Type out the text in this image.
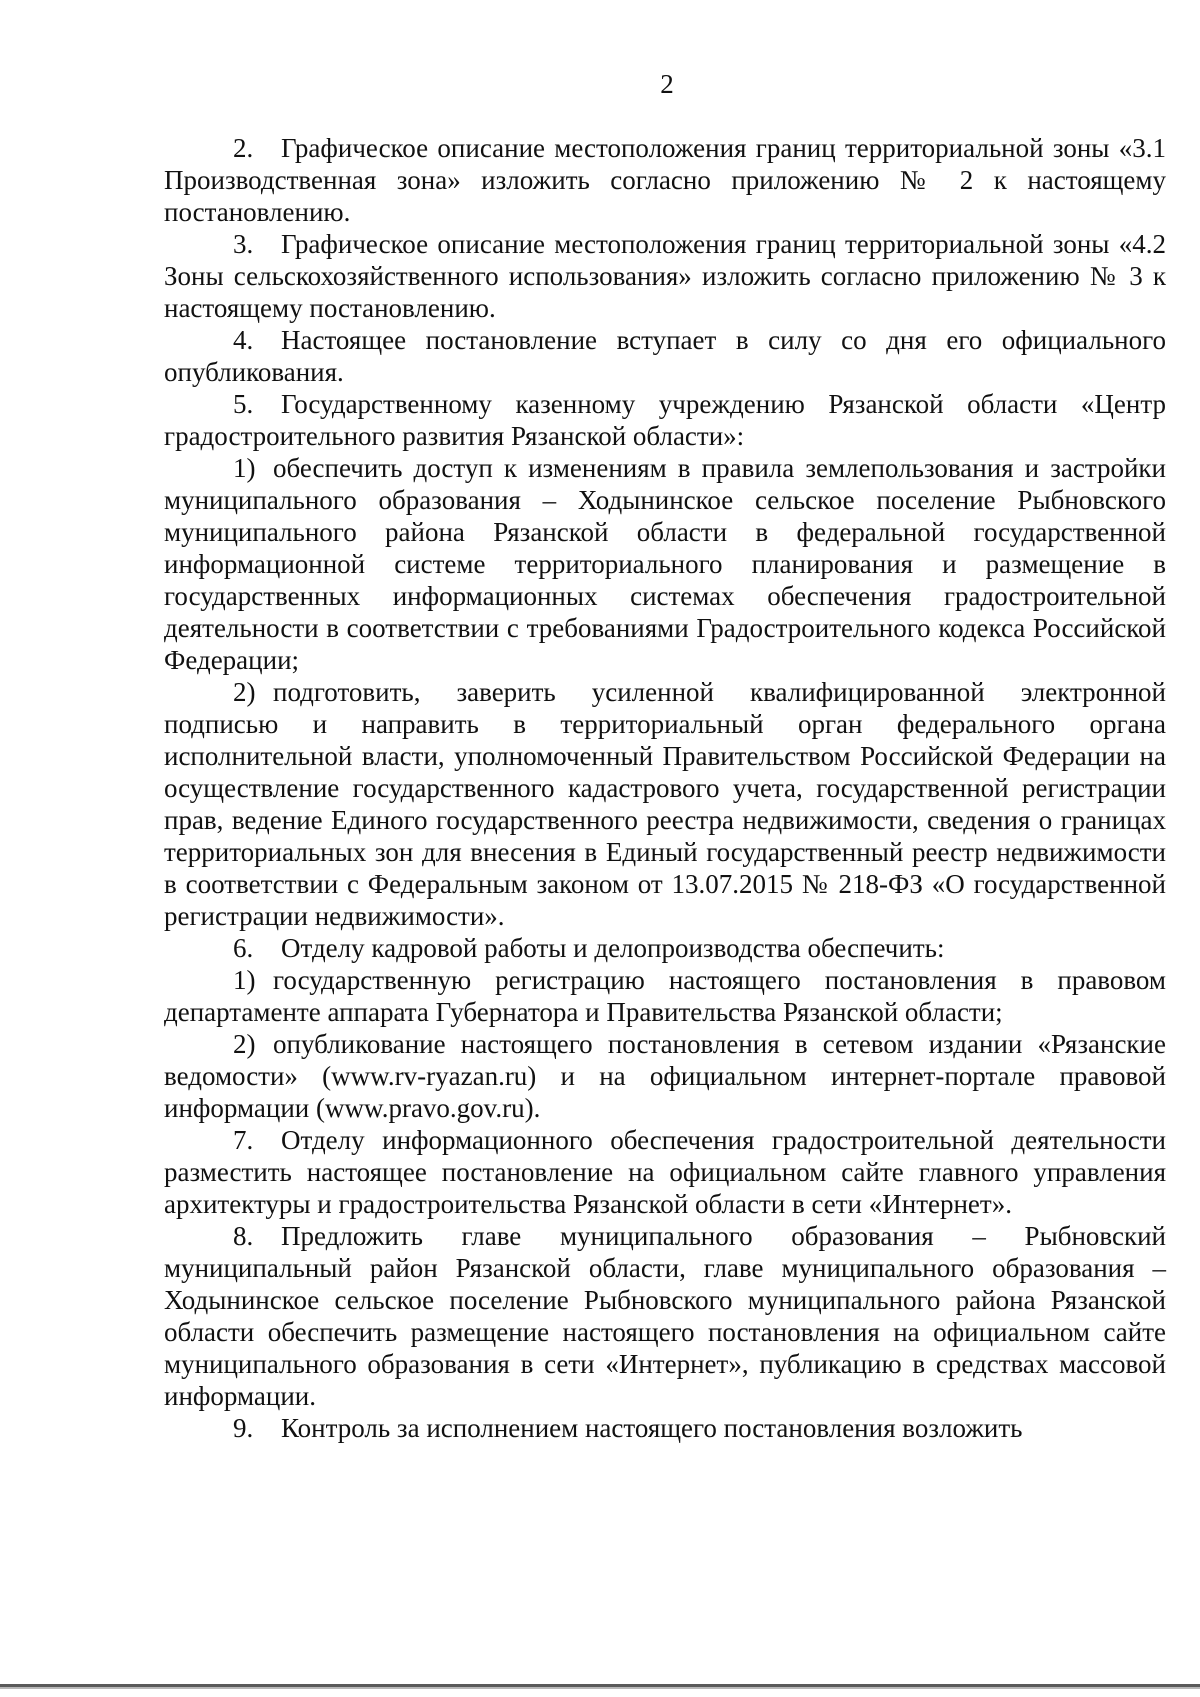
2

2. Графическое описание местоположения границ территориальной зоны «3.1 Производственная зона» изложить согласно приложению № 2 к настоящему постановлению.

3. Графическое описание местоположения границ территориальной зоны «4.2 Зоны сельскохозяйственного использования» изложить согласно приложению № 3 к настоящему постановлению.

4. Настоящее постановление вступает в силу со дня его официального опубликования.

5. Государственному казенному учреждению Рязанской области «Центр градостроительного развития Рязанской области»:

1) обеспечить доступ к изменениям в правила землепользования и застройки муниципального образования – Ходынинское сельское поселение Рыбновского муниципального района Рязанской области в федеральной государственной информационной системе территориального планирования и размещение в государственных информационных системах обеспечения градостроительной деятельности в соответствии с требованиями Градостроительного кодекса Российской Федерации;

2) подготовить, заверить усиленной квалифицированной электронной подписью и направить в территориальный орган федерального органа исполнительной власти, уполномоченный Правительством Российской Федерации на осуществление государственного кадастрового учета, государственной регистрации прав, ведение Единого государственного реестра недвижимости, сведения о границах территориальных зон для внесения в Единый государственный реестр недвижимости в соответствии с Федеральным законом от 13.07.2015 № 218-ФЗ «О государственной регистрации недвижимости».

6. Отделу кадровой работы и делопроизводства обеспечить:

1) государственную регистрацию настоящего постановления в правовом департаменте аппарата Губернатора и Правительства Рязанской области;

2) опубликование настоящего постановления в сетевом издании «Рязанские ведомости» (www.rv-ryazan.ru) и на официальном интернет-портале правовой информации (www.pravo.gov.ru).

7. Отделу информационного обеспечения градостроительной деятельности разместить настоящее постановление на официальном сайте главного управления архитектуры и градостроительства Рязанской области в сети «Интернет».

8. Предложить главе муниципального образования – Рыбновский муниципальный район Рязанской области, главе муниципального образования – Ходынинское сельское поселение Рыбновского муниципального района Рязанской области обеспечить размещение настоящего постановления на официальном сайте муниципального образования в сети «Интернет», публикацию в средствах массовой информации.

9. Контроль за исполнением настоящего постановления возложить
